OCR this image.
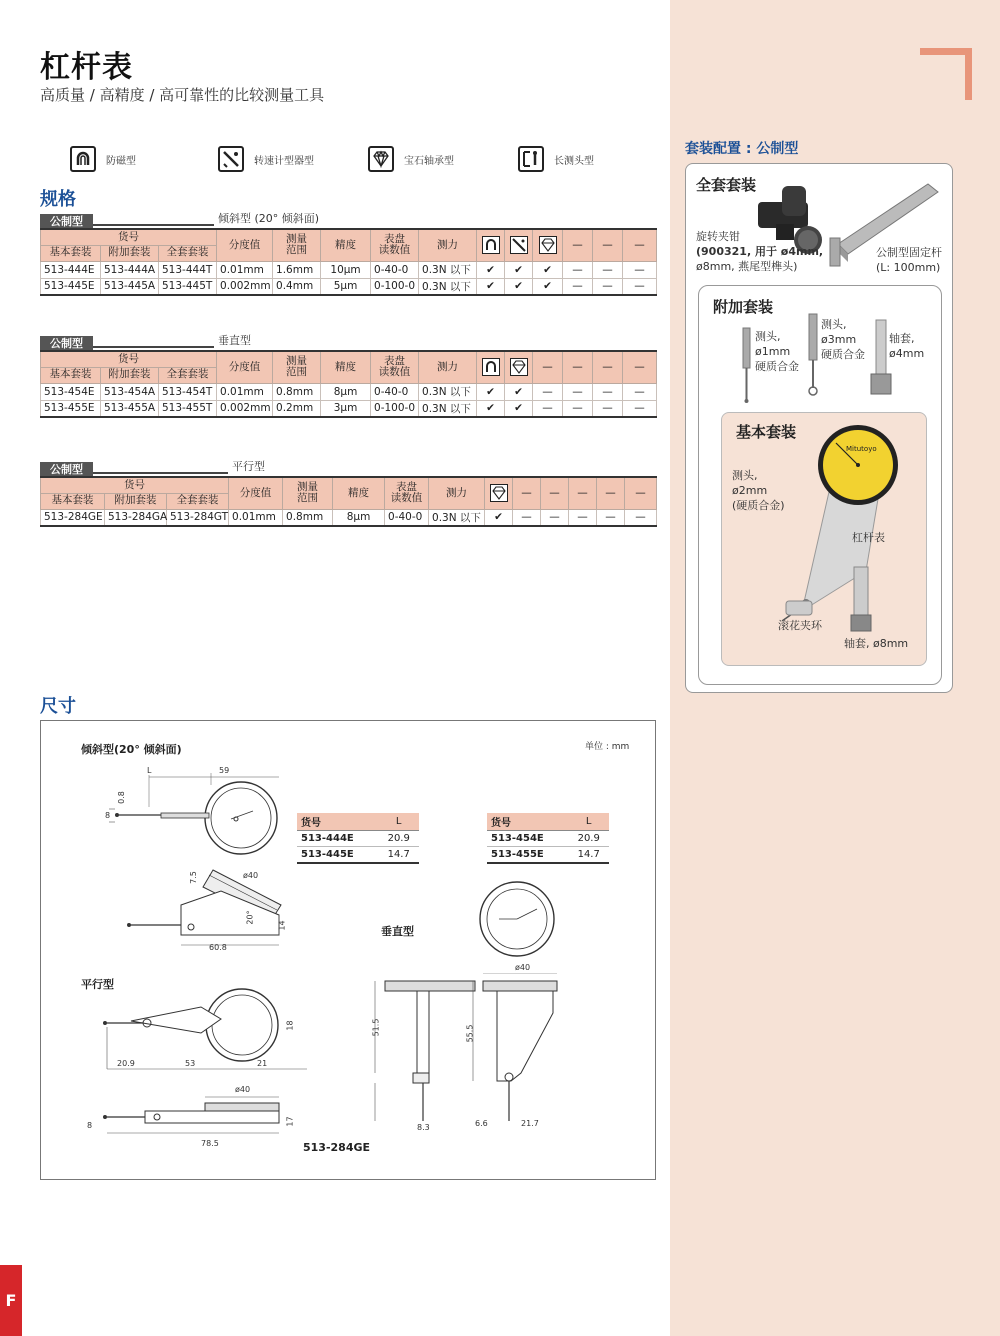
杠杆表
高质量 / 高精度 / 高可靠性的比较测量工具
防磁型	转速计型器型	宝石轴承型	长测头型
规格
公制型	倾斜型 (20° 倾斜面)
货号			分度值	测量
范围	精度	表盘
读数值	测力				—	—	—
基本套装	附加套装	全套套装											
513-444E	513-444A	513-444T	0.01mm	1.6mm	10µm	0-40-0	0.3N 以下	✔	✔	✔	—	—	—
513-445E	513-445A	513-445T	0.002mm	0.4mm	5µm	0-100-0	0.3N 以下	✔	✔	✔	—	—	—
公制型	垂直型
货号			分度值	测量
范围	精度	表盘
读数值	测力			—	—	—	—
基本套装	附加套装	全套套装											
513-454E	513-454A	513-454T	0.01mm	0.8mm	8µm	0-40-0	0.3N 以下	✔	✔	—	—	—	—
513-455E	513-455A	513-455T	0.002mm	0.2mm	3µm	0-100-0	0.3N 以下	✔	✔	—	—	—	—
公制型	平行型
货号			分度值	测量
范围	精度	表盘
读数值	测力		—	—	—	—	—
基本套装	附加套装	全套套装											
513-284GE	513-284GA	513-284GT	0.01mm	0.8mm	8µm	0-40-0	0.3N 以下	✔	—	—	—	—	—
尺寸
倾斜型(20° 倾斜面)	单位 : mm
L	59
0.8
8
ø40
7.5
20°
14
60.8
货号	L
513-444E	20.9
513-445E	14.7
货号	L
513-454E	20.9
513-455E	14.7
垂直型
ø40
51.5	55.5
8.3	6.6	21.7
平行型
20.9	53	21
18
ø40
17
8
78.5	513-284GE
套装配置 : 公制型
全套套装
旋转夹钳
(900321, 用于 ø4mm,
ø8mm, 燕尾型榫头)
公制型固定杆
(L: 100mm)
附加套装
测头,
ø1mm
硬质合金
测头,
ø3mm
硬质合金
轴套,
ø4mm
基本套装
Mitutoyo
测头,
ø2mm
(硬质合金)
杠杆表
滚花夹环
轴套, ø8mm
F
